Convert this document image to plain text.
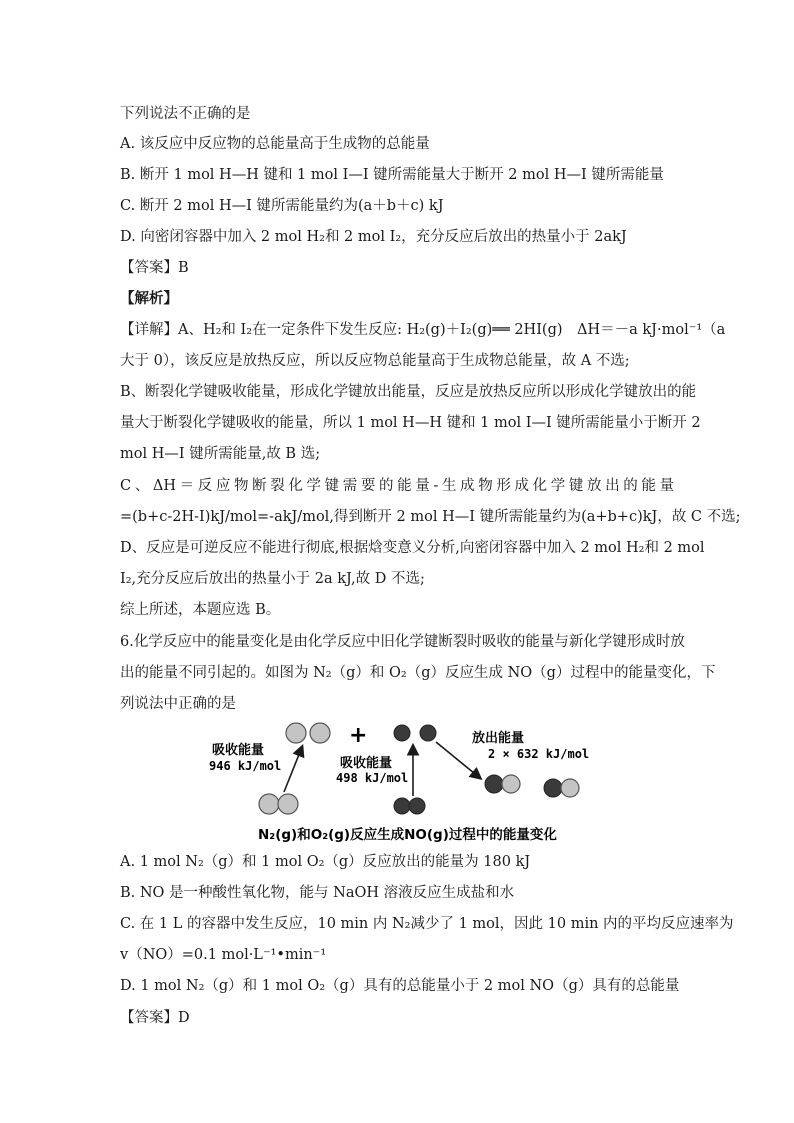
下列说法不正确的是
A. 该反应中反应物的总能量高于生成物的总能量
B. 断开 1 mol H—H 键和 1 mol I—I 键所需能量大于断开 2 mol H—I 键所需能量
C. 断开 2 mol H—I 键所需能量约为(a＋b＋c) kJ
D. 向密闭容器中加入 2 mol H₂和 2 mol I₂，充分反应后放出的热量小于 2akJ
【答案】B
【解析】
【详解】A、H₂和 I₂在一定条件下发生反应: H₂(g)＋I₂(g)══ 2HI(g)　ΔH＝－a kJ·mol⁻¹（a
大于 0），该反应是放热反应，所以反应物总能量高于生成物总能量，故 A 不选;
B、断裂化学键吸收能量，形成化学键放出能量，反应是放热反应所以形成化学键放出的能
量大于断裂化学键吸收的能量，所以 1 mol H—H 键和 1 mol I—I 键所需能量小于断开 2
mol H—I 键所需能量,故 B 选;
C、ΔH＝反应物断裂化学键需要的能量-生成物形成化学键放出的能量
=(b+c-2H-I)kJ/mol=-akJ/mol,得到断开 2 mol H—I 键所需能量约为(a+b+c)kJ，故 C 不选;
D、反应是可逆反应不能进行彻底,根据焓变意义分析,向密闭容器中加入 2 mol H₂和 2 mol
I₂,充分反应后放出的热量小于 2a kJ,故 D 不选;
综上所述，本题应选 B。
6.化学反应中的能量变化是由化学反应中旧化学键断裂时吸收的能量与新化学键形成时放
出的能量不同引起的。如图为 N₂（g）和 O₂（g）反应生成 NO（g）过程中的能量变化，下
列说法中正确的是
吸收能量
946 kJ/mol
+
吸收能量
498 kJ/mol
放出能量
2 × 632 kJ/mol
N₂(g)和O₂(g)反应生成NO(g)过程中的能量变化
A. 1 mol N₂（g）和 1 mol O₂（g）反应放出的能量为 180 kJ
B. NO 是一种酸性氧化物，能与 NaOH 溶液反应生成盐和水
C. 在 1 L 的容器中发生反应，10 min 内 N₂减少了 1 mol，因此 10 min 内的平均反应速率为
v（NO）=0.1 mol·L⁻¹•min⁻¹
D. 1 mol N₂（g）和 1 mol O₂（g）具有的总能量小于 2 mol NO（g）具有的总能量
【答案】D
